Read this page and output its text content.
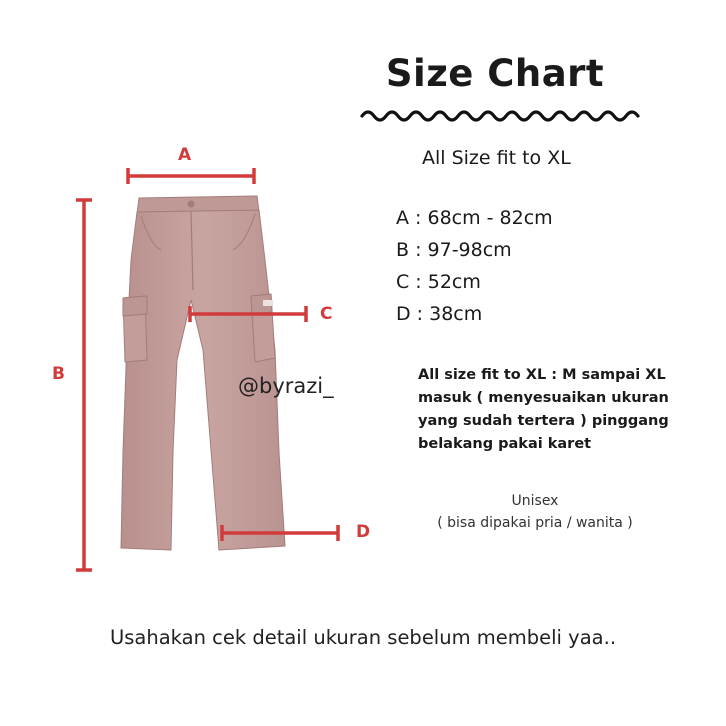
Size Chart
All Size fit to XL
A : 68cm - 82cm
B : 97-98cm
C : 52cm
D : 38cm
All size fit to XL : M sampai XL
masuk ( menyesuaikan ukuran
yang sudah tertera ) pinggang
belakang pakai karet
Unisex
( bisa dipakai pria / wanita )
A
B
C
D
@byrazi_
Usahakan cek detail ukuran sebelum membeli yaa..
